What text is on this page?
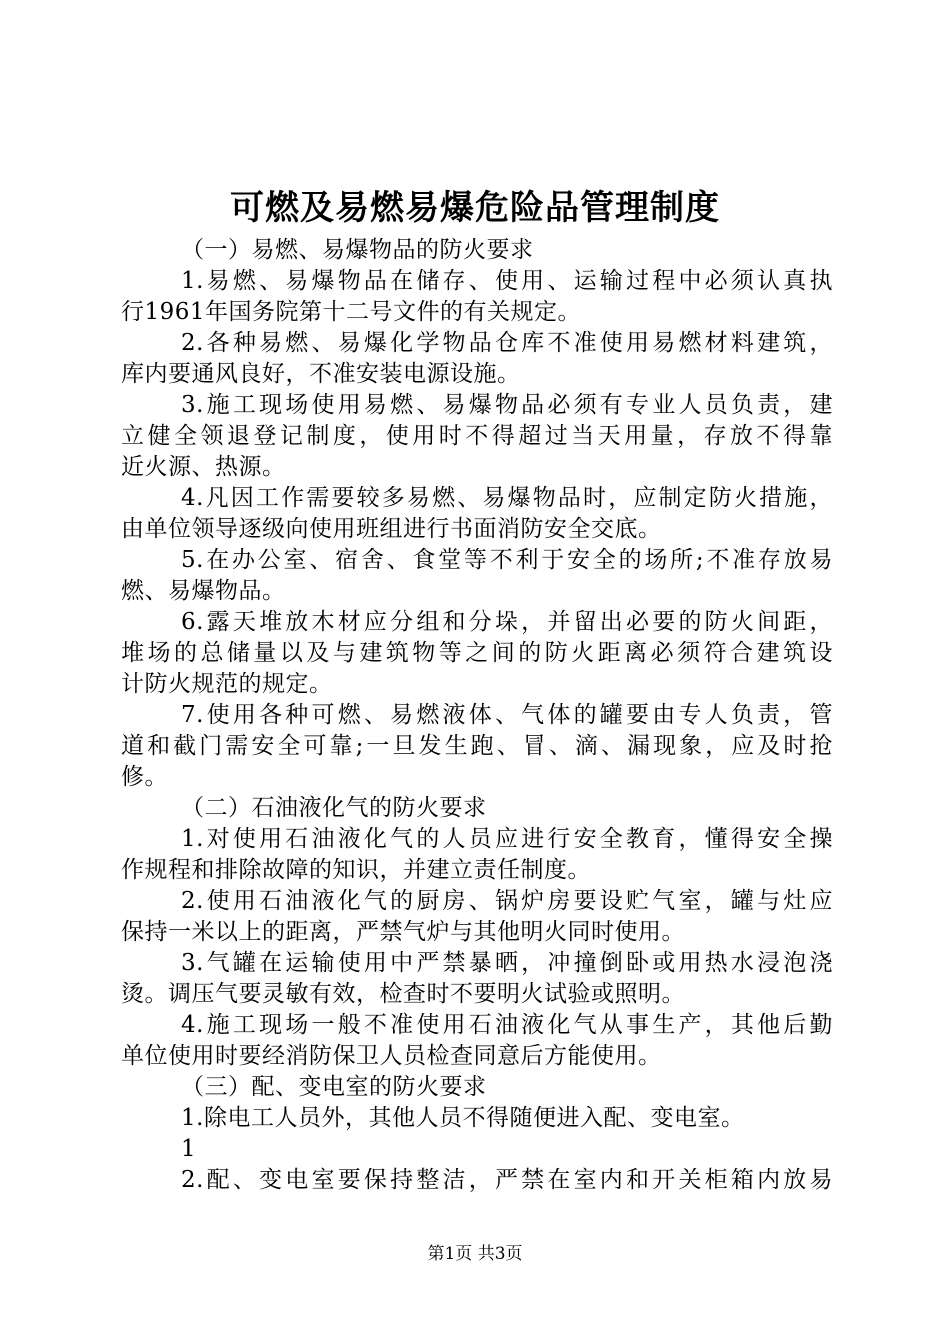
可燃及易燃易爆危险品管理制度
（一）易燃、易爆物品的防火要求
1.易燃、易爆物品在储存、使用、运输过程中必须认真执
行1961年国务院第十二号文件的有关规定。
2.各种易燃、易爆化学物品仓库不准使用易燃材料建筑，
库内要通风良好，不准安装电源设施。
3.施工现场使用易燃、易爆物品必须有专业人员负责，建
立健全领退登记制度，使用时不得超过当天用量，存放不得靠
近火源、热源。
4.凡因工作需要较多易燃、易爆物品时，应制定防火措施，
由单位领导逐级向使用班组进行书面消防安全交底。
5.在办公室、宿舍、食堂等不利于安全的场所;不准存放易
燃、易爆物品。
6.露天堆放木材应分组和分垛，并留出必要的防火间距，
堆场的总储量以及与建筑物等之间的防火距离必须符合建筑设
计防火规范的规定。
7.使用各种可燃、易燃液体、气体的罐要由专人负责，管
道和截门需安全可靠;一旦发生跑、冒、滴、漏现象，应及时抢
修。
（二）石油液化气的防火要求
1.对使用石油液化气的人员应进行安全教育，懂得安全操
作规程和排除故障的知识，并建立责任制度。
2.使用石油液化气的厨房、锅炉房要设贮气室，罐与灶应
保持一米以上的距离，严禁气炉与其他明火同时使用。
3.气罐在运输使用中严禁暴晒，冲撞倒卧或用热水浸泡浇
烫。调压气要灵敏有效，检查时不要明火试验或照明。
4.施工现场一般不准使用石油液化气从事生产，其他后勤
单位使用时要经消防保卫人员检查同意后方能使用。
（三）配、变电室的防火要求
1.除电工人员外，其他人员不得随便进入配、变电室。
1
2.配、变电室要保持整洁，严禁在室内和开关柜箱内放易
第1页 共3页
